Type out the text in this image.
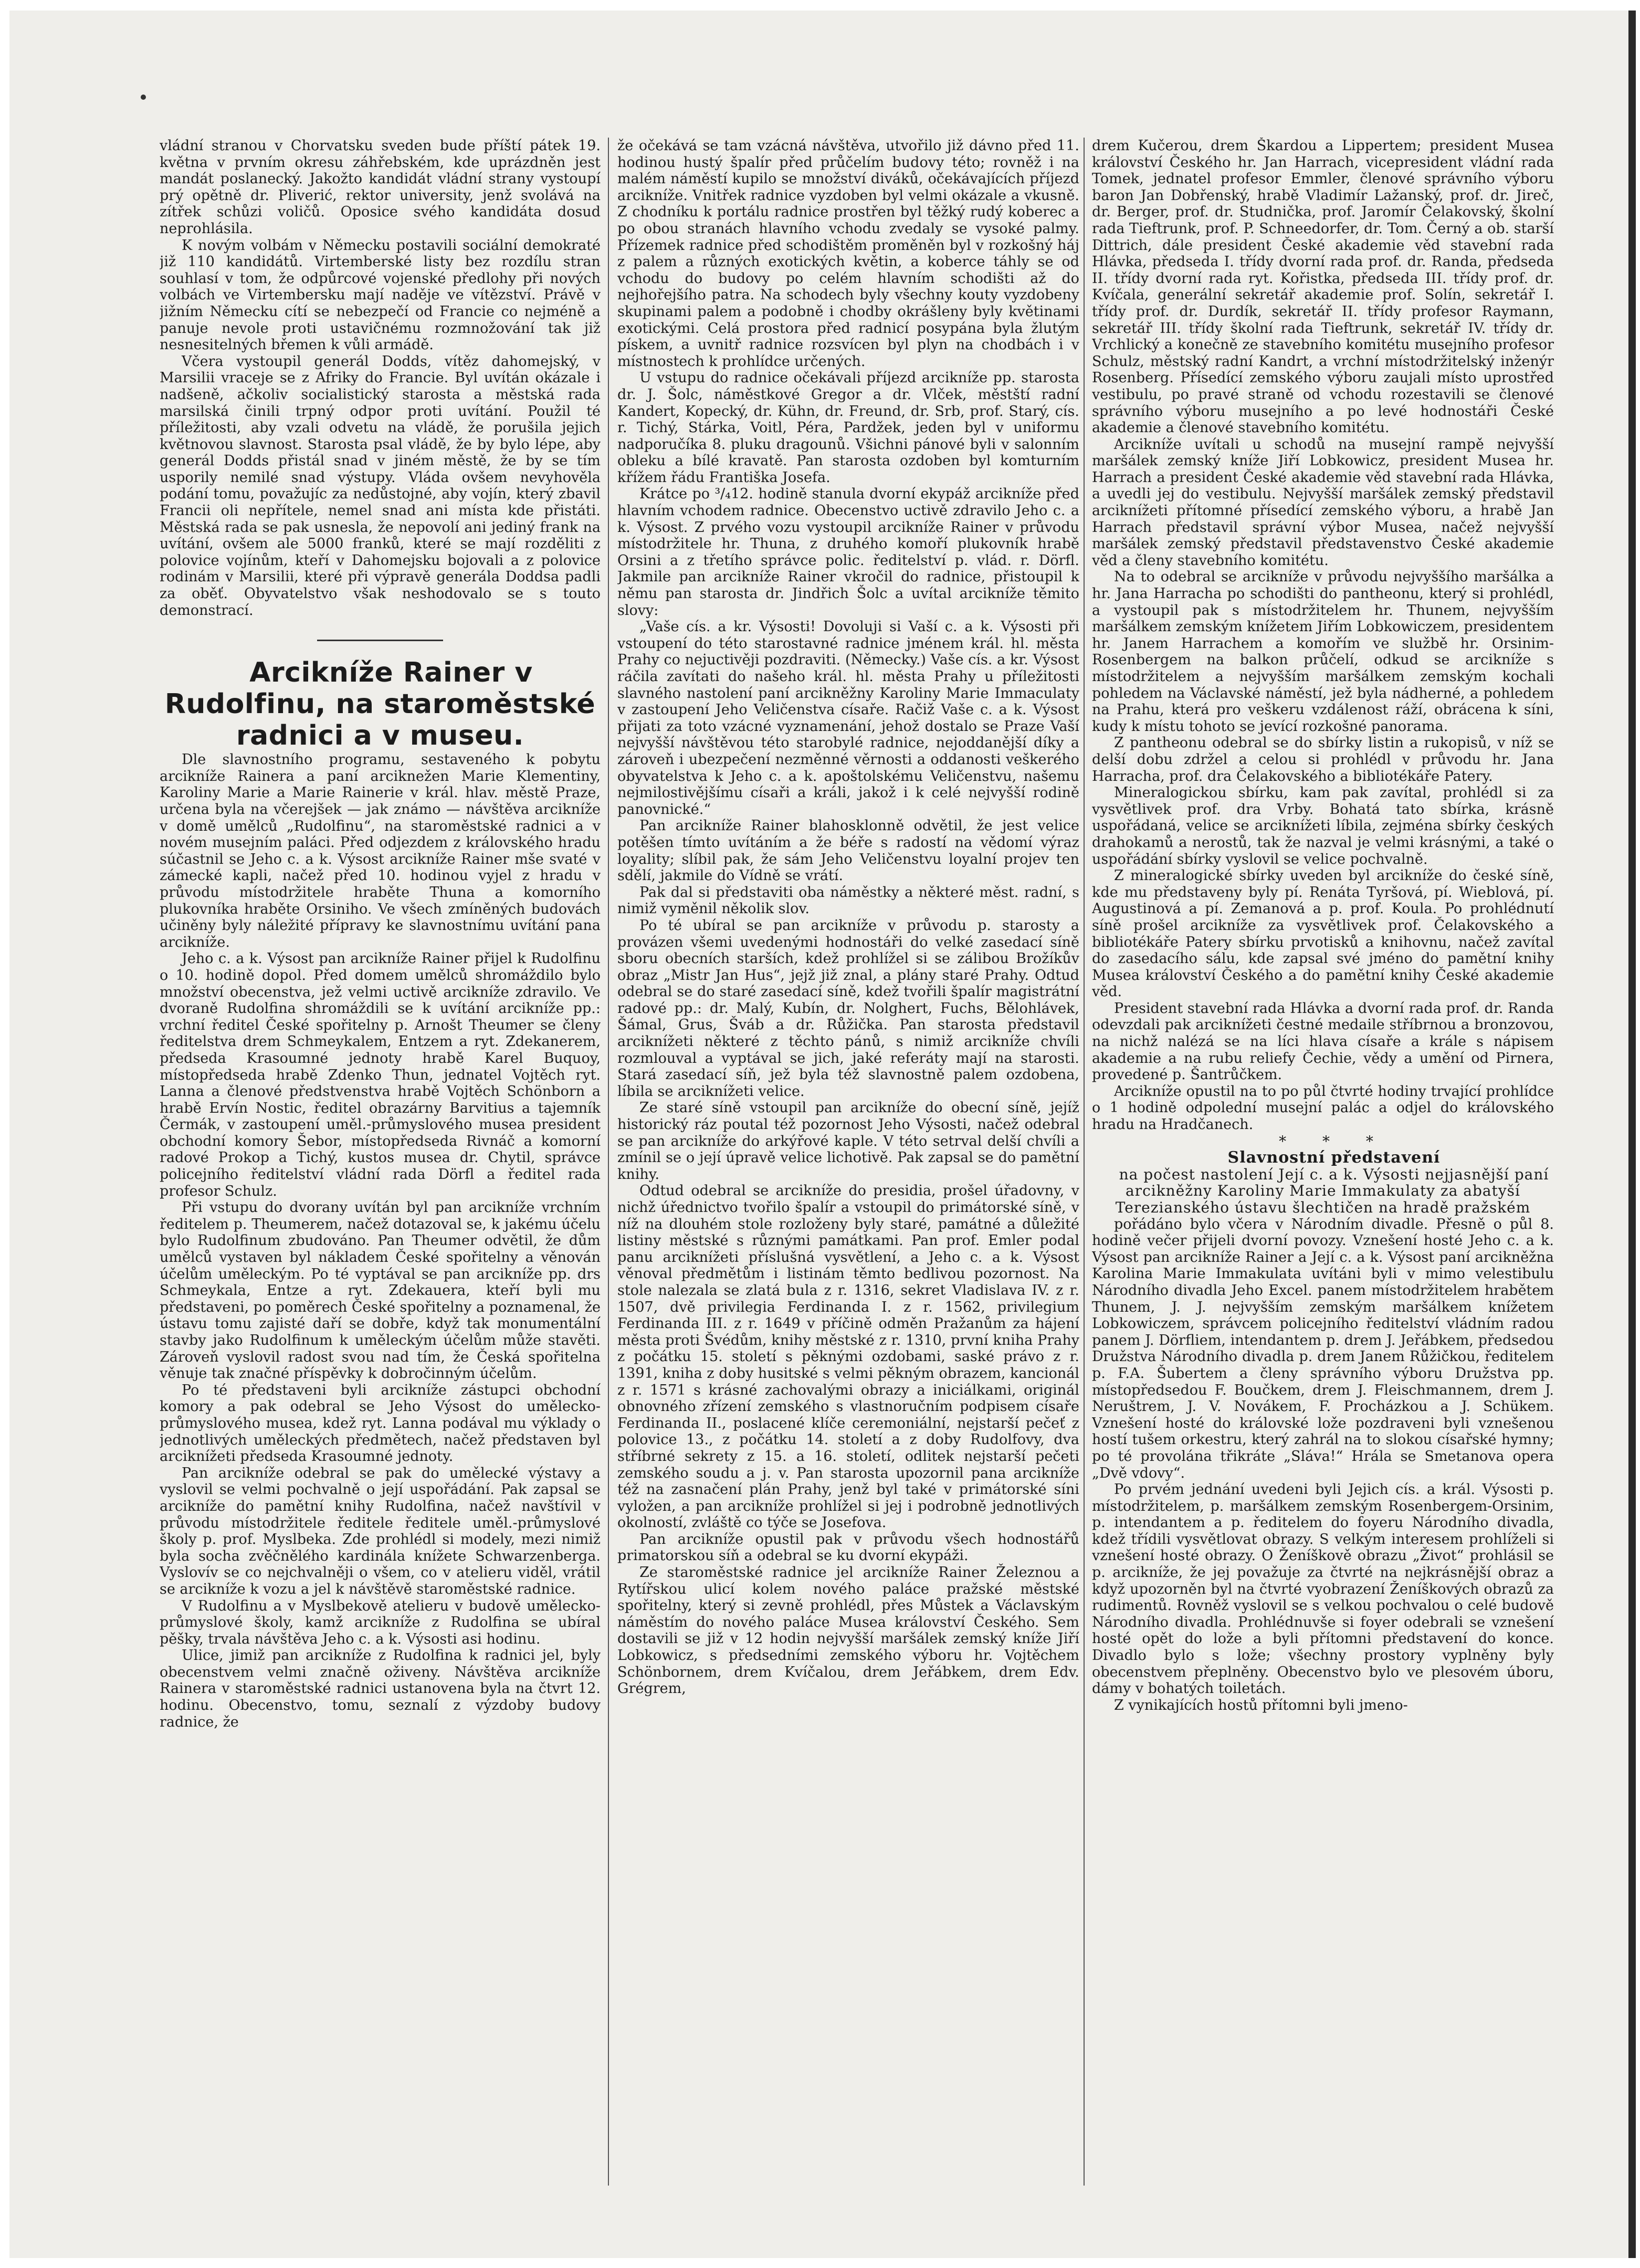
vládní stranou v Chorvatsku sveden bude příští pátek 19. května v prvním okresu záhřebském, kde uprázdněn jest mandát poslanecký. Jakožto kandidát vládní strany vystoupí prý opětně dr. Pliverić, rektor university, jenž svolává na zítřek schůzi voličů. Oposice svého kandidáta dosud neprohlásila.

K novým volbám v Německu postavili sociální demokraté již 110 kandidátů. Virtemberské listy bez rozdílu stran souhlasí v tom, že odpůrcové vojenské předlohy při nových volbách ve Virtembersku mají naděje ve vítězství. Právě v jižním Německu cítí se nebezpečí od Francie co nejméně a panuje nevole proti ustavičnému rozmnožování tak již nesnesitelných břemen k vůli armádě.

Včera vystoupil generál Dodds, vítěz dahomejský, v Marsilii vraceje se z Afriky do Francie. Byl uvítán okázale i nadšeně, ačkoliv socialistický starosta a městská rada marsilská činili trpný odpor proti uvítání. Použil té příležitosti, aby vzali odvetu na vládě, že porušila jejich květnovou slavnost. Starosta psal vládě, že by bylo lépe, aby generál Dodds přistál snad v jiném městě, že by se tím usporily nemilé snad výstupy. Vláda ovšem nevyhověla podání tomu, považujíc za nedůstojné, aby vojín, který zbavil Francii oli nepřítele, nemel snad ani místa kde přistáti. Městská rada se pak usnesla, že nepovolí ani jediný frank na uvítání, ovšem ale 5000 franků, které se mají rozděliti z polovice vojínům, kteří v Dahomejsku bojovali a z polovice rodinám v Marsilii, které při výpravě generála Doddsa padli za oběť. Obyvatelstvo však neshodovalo se s touto demonstrací.

Arcikníže Rainer v Rudolfinu, na staroměstské radnici a v museu.

Dle slavnostního programu, sestaveného k pobytu arcikníže Rainera a paní arciknežen Marie Klementiny, Karoliny Marie a Marie Rainerie v král. hlav. městě Praze, určena byla na včerejšek — jak známo — návštěva arcikníže v domě umělců „Rudolfinu“, na staroměstské radnici a v novém musejním paláci. Před odjezdem z královského hradu súčastnil se Jeho c. a k. Výsost arcikníže Rainer mše svaté v zámecké kapli, načež před 10. hodinou vyjel z hradu v průvodu místodržitele hraběte Thuna a komorního plukovníka hraběte Orsiniho. Ve všech zmíněných budovách učiněny byly náležité přípravy ke slavnostnímu uvítání pana arcikníže.

Jeho c. a k. Výsost pan arcikníže Rainer přijel k Rudolfinu o 10. hodině dopol. Před domem umělců shromáždilo bylo množství obecenstva, jež velmi uctivě arcikníže zdravilo. Ve dvoraně Rudolfina shromáždili se k uvítání arcikníže pp.: vrchní ředitel České spořitelny p. Arnošt Theumer se členy ředitelstva drem Schmeykalem, Entzem a ryt. Zdekanerem, předseda Krasoumné jednoty hrabě Karel Buquoy, místopředseda hrabě Zdenko Thun, jednatel Vojtěch ryt. Lanna a členové předstvenstva hrabě Vojtěch Schönborn a hrabě Ervín Nostic, ředitel obrazárny Barvitius a tajemník Čermák, v zastoupení uměl.-průmyslového musea president obchodní komory Šebor, místopředseda Rivnáč a komorní radové Prokop a Tichý, kustos musea dr. Chytil, správce policejního ředitelství vládní rada Dörfl a ředitel rada profesor Schulz.

Při vstupu do dvorany uvítán byl pan arcikníže vrchním ředitelem p. Theumerem, načež dotazoval se, k jakému účelu bylo Rudolfinum zbudováno. Pan Theumer odvětil, že dům umělců vystaven byl nákladem České spořitelny a věnován účelům uměleckým. Po té vyptával se pan arcikníže pp. drs Schmeykala, Entze a ryt. Zdekauera, kteří byli mu představeni, po poměrech České spořitelny a poznamenal, že ústavu tomu zajisté daří se dobře, když tak monumentální stavby jako Rudolfinum k uměleckým účelům může stavěti. Zároveň vyslovil radost svou nad tím, že Česká spořitelna věnuje tak značné příspěvky k dobročinným účelům.

Po té představeni byli arcikníže zástupci obchodní komory a pak odebral se Jeho Výsost do umělecko-průmyslového musea, kdež ryt. Lanna podával mu výklady o jednotlivých uměleckých předmětech, načež představen byl arciknížeti předseda Krasoumné jednoty.

Pan arcikníže odebral se pak do umělecké výstavy a vyslovil se velmi pochvalně o její uspořádání. Pak zapsal se arcikníže do pamětní knihy Rudolfina, načež navštívil v průvodu místodržitele ředitele ředitele uměl.-průmyslové školy p. prof. Myslbeka. Zde prohlédl si modely, mezi nimiž byla socha zvěčnělého kardinála knížete Schwarzenberga. Vyslovív se co nejchvalněji o všem, co v atelieru viděl, vrátil se arcikníže k vozu a jel k návštěvě staroměstské radnice.

V Rudolfinu a v Myslbekově atelieru v budově umělecko-průmyslové školy, kamž arcikníže z Rudolfina se ubíral pěšky, trvala návštěva Jeho c. a k. Výsosti asi hodinu.

Ulice, jimiž pan arcikníže z Rudolfina k radnici jel, byly obecenstvem velmi značně oživeny. Návštěva arcikníže Rainera v staroměstské radnici ustanovena byla na čtvrt 12. hodinu. Obecenstvo, tomu, seznalí z výzdoby budovy radnice, že

že očekává se tam vzácná návštěva, utvořilo již dávno před 11. hodinou hustý špalír před průčelím budovy této; rovněž i na malém náměstí kupilo se množství diváků, očekávajících příjezd arcikníže. Vnitřek radnice vyzdoben byl velmi okázale a vkusně. Z chodníku k portálu radnice prostřen byl těžký rudý koberec a po obou stranách hlavního vchodu zvedaly se vysoké palmy. Přízemek radnice před schodištěm proměněn byl v rozkošný háj z palem a různých exotických květin, a koberce táhly se od vchodu do budovy po celém hlavním schodišti až do nejhořejšího patra. Na schodech byly všechny kouty vyzdobeny skupinami palem a podobně i chodby okrášleny byly květinami exotickými. Celá prostora před radnicí posypána byla žlutým pískem, a uvnitř radnice rozsvícen byl plyn na chodbách i v místnostech k prohlídce určených.

U vstupu do radnice očekávali příjezd arcikníže pp. starosta dr. J. Šolc, náměstkové Gregor a dr. Vlček, městští radní Kandert, Kopecký, dr. Kühn, dr. Freund, dr. Srb, prof. Starý, cís. r. Tichý, Stárka, Voitl, Péra, Pardžek, jeden byl v uniformu nadporučíka 8. pluku dragounů. Všichni pánové byli v salonním obleku a bílé kravatě. Pan starosta ozdoben byl komturním křížem řádu Františka Josefa.

Krátce po ³/₄12. hodině stanula dvorní ekypáž arcikníže před hlavním vchodem radnice. Obecenstvo uctivě zdravilo Jeho c. a k. Výsost. Z prvého vozu vystoupil arcikníže Rainer v průvodu místodržitele hr. Thuna, z druhého komoří plukovník hrabě Orsini a z třetího správce polic. ředitelství p. vlád. r. Dörfl. Jakmile pan arcikníže Rainer vkročil do radnice, přistoupil k němu pan starosta dr. Jindřich Šolc a uvítal arcikníže těmito slovy:

„Vaše cís. a kr. Výsosti! Dovoluji si Vaší c. a k. Výsosti při vstoupení do této starostavné radnice jménem král. hl. města Prahy co nejuctivěji pozdraviti. (Německy.) Vaše cís. a kr. Výsost ráčila zavítati do našeho král. hl. města Prahy u příležitosti slavného nastolení paní arcikněžny Karoliny Marie Immaculaty v zastoupení Jeho Veličenstva císaře. Račiž Vaše c. a k. Výsost přijati za toto vzácné vyznamenání, jehož dostalo se Praze Vaší nejvyšší návštěvou této starobylé radnice, nejoddanější díky a zároveň i ubezpečení nezměnné věrnosti a oddanosti veškerého obyvatelstva k Jeho c. a k. apoštolskému Veličenstvu, našemu nejmilostivějšímu císaři a králi, jakož i k celé nejvyšší rodině panovnické.“

Pan arcikníže Rainer blahosklonně odvětil, že jest velice potěšen tímto uvítáním a že béře s radostí na vědomí výraz loyality; slíbil pak, že sám Jeho Veličenstvu loyalní projev ten sdělí, jakmile do Vídně se vrátí.

Pak dal si představiti oba náměstky a některé měst. radní, s nimiž vyměnil několik slov.

Po té ubíral se pan arcikníže v průvodu p. starosty a provázen všemi uvedenými hodnostáři do velké zasedací síně sboru obecních starších, kdež prohlížel si se zálibou Brožíkův obraz „Mistr Jan Hus“, jejž již znal, a plány staré Prahy. Odtud odebral se do staré zasedací síně, kdež tvořili špalír magistrátní radové pp.: dr. Malý, Kubín, dr. Nolghert, Fuchs, Bělohlávek, Šámal, Grus, Šváb a dr. Růžička. Pan starosta představil arciknížeti některé z těchto pánů, s nimiž arcikníže chvíli rozmlouval a vyptával se jich, jaké referáty mají na starosti. Stará zasedací síň, jež byla též slavnostně palem ozdobena, líbila se arciknížeti velice.

Ze staré síně vstoupil pan arcikníže do obecní síně, jejíž historický ráz poutal též pozornost Jeho Výsosti, načež odebral se pan arcikníže do arkýřové kaple. V této setrval delší chvíli a zmínil se o její úpravě velice lichotivě. Pak zapsal se do pamětní knihy.

Odtud odebral se arcikníže do presidia, prošel úřadovny, v nichž úřednictvo tvořilo špalír a vstoupil do primátorské síně, v níž na dlouhém stole rozloženy byly staré, památné a důležité listiny městské s různými památkami. Pan prof. Emler podal panu arciknížeti příslušná vysvětlení, a Jeho c. a k. Výsost věnoval předmětům i listinám těmto bedlivou pozornost. Na stole nalezala se zlatá bula z r. 1316, sekret Vladislava IV. z r. 1507, dvě privilegia Ferdinanda I. z r. 1562, privilegium Ferdinanda III. z r. 1649 v příčině odměn Pražanům za hájení města proti Švédům, knihy městské z r. 1310, první kniha Prahy z počátku 15. století s pěknými ozdobami, saské právo z r. 1391, kniha z doby husitské s velmi pěkným obrazem, kancionál z r. 1571 s krásné zachovalými obrazy a iniciálkami, originál obnovného zřízení zemského s vlastnoručním podpisem císaře Ferdinanda II., poslacené klíče ceremoniální, nejstarší pečeť z polovice 13., z počátku 14. století a z doby Rudolfovy, dva stříbrné sekrety z 15. a 16. století, odlitek nejstarší pečeti zemského soudu a j. v. Pan starosta upozornil pana arcikníže též na zasnačení plán Prahy, jenž byl také v primátorské síni vyložen, a pan arcikníže prohlížel si jej i podrobně jednotlivých okolností, zvláště co týče se Josefova.

Pan arcikníže opustil pak v průvodu všech hodnostářů primatorskou síň a odebral se ku dvorní ekypáži.

Ze staroměstské radnice jel arcikníže Rainer Železnou a Rytířskou ulicí kolem nového paláce pražské městské spořitelny, který si zevně prohlédl, přes Můstek a Václavským náměstím do nového paláce Musea království Českého. Sem dostavili se již v 12 hodin nejvyšší maršálek zemský kníže Jiří Lobkowicz, s předsedními zemského výboru hr. Vojtěchem Schönbornem, drem Kvíčalou, drem Jeřábkem, drem Edv. Grégrem,

drem Kučerou, drem Škardou a Lippertem; president Musea království Českého hr. Jan Harrach, vicepresident vládní rada Tomek, jednatel profesor Emmler, členové správního výboru baron Jan Dobřenský, hrabě Vladimír Lažanský, prof. dr. Jireč, dr. Berger, prof. dr. Studnička, prof. Jaromír Čelakovský, školní rada Tieftrunk, prof. P. Schneedorfer, dr. Tom. Černý a ob. starší Dittrich, dále president České akademie věd stavební rada Hlávka, předseda I. třídy dvorní rada prof. dr. Randa, předseda II. třídy dvorní rada ryt. Kořistka, předseda III. třídy prof. dr. Kvíčala, generální sekretář akademie prof. Solín, sekretář I. třídy prof. dr. Durdík, sekretář II. třídy profesor Raymann, sekretář III. třídy školní rada Tieftrunk, sekretář IV. třídy dr. Vrchlický a konečně ze stavebního komitétu musejního profesor Schulz, městský radní Kandrt, a vrchní místodržitelský inženýr Rosenberg. Přísedící zemského výboru zaujali místo uprostřed vestibulu, po pravé straně od vchodu rozestavili se členové správního výboru musejního a po levé hodnostáři České akademie a členové stavebního komitétu.

Arcikníže uvítali u schodů na musejní rampě nejvyšší maršálek zemský kníže Jiří Lobkowicz, president Musea hr. Harrach a president České akademie věd stavební rada Hlávka, a uvedli jej do vestibulu. Nejvyšší maršálek zemský představil arciknížeti přítomné přísedící zemského výboru, a hrabě Jan Harrach představil správní výbor Musea, načež nejvyšší maršálek zemský představil představenstvo České akademie věd a členy stavebního komitétu.

Na to odebral se arcikníže v průvodu nejvyššího maršálka a hr. Jana Harracha po schodišti do pantheonu, který si prohlédl, a vystoupil pak s místodržitelem hr. Thunem, nejvyšším maršálkem zemským knížetem Jiřím Lobkowiczem, presidentem hr. Janem Harrachem a komořím ve službě hr. Orsinim-Rosenbergem na balkon průčelí, odkud se arcikníže s místodržitelem a nejvyšším maršálkem zemským kochali pohledem na Václavské náměstí, jež byla nádherné, a pohledem na Prahu, která pro veškeru vzdálenost ráží, obrácena k síni, kudy k místu tohoto se jevící rozkošné panorama.

Z pantheonu odebral se do sbírky listin a rukopisů, v níž se delší dobu zdržel a celou si prohlédl v průvodu hr. Jana Harracha, prof. dra Čelakovského a bibliotékáře Patery.

Mineralogickou sbírku, kam pak zavítal, prohlédl si za vysvětlivek prof. dra Vrby. Bohatá tato sbírka, krásně uspořádaná, velice se arciknížeti líbila, zejména sbírky českých drahokamů a nerostů, tak že nazval je velmi krásnými, a také o uspořádání sbírky vyslovil se velice pochvalně.

Z mineralogické sbírky uveden byl arcikníže do české síně, kde mu představeny byly pí. Renáta Tyršová, pí. Wieblová, pí. Augustinová a pí. Zemanová a p. prof. Koula. Po prohlédnutí síně prošel arcikníže za vysvětlivek prof. Čelakovského a bibliotékáře Patery sbírku prvotisků a knihovnu, načež zavítal do zasedacího sálu, kde zapsal své jméno do pamětní knihy Musea království Českého a do pamětní knihy České akademie věd.

President stavební rada Hlávka a dvorní rada prof. dr. Randa odevzdali pak arciknížeti čestné medaile stříbrnou a bronzovou, na nichž nalézá se na líci hlava císaře a krále s nápisem akademie a na rubu reliefy Čechie, vědy a umění od Pirnera, provedené p. Šantrůčkem.

Arcikníže opustil na to po půl čtvrté hodiny trvající prohlídce o 1 hodině odpolední musejní palác a odjel do královského hradu na Hradčanech.

* * *

Slavnostní představení

na počest nastolení Její c. a k. Výsosti nejjasnější paní arcikněžny Karoliny Marie Immakulaty za abatyší Terezianského ústavu šlechtičen na hradě pražském

pořádáno bylo včera v Národním divadle. Přesně o půl 8. hodině večer přijeli dvorní povozy. Vznešení hosté Jeho c. a k. Výsost pan arcikníže Rainer a Její c. a k. Výsost paní arcikněžna Karolina Marie Immakulata uvítáni byli v mimo velestibulu Národního divadla Jeho Excel. panem místodržitelem hrabětem Thunem, J. J. nejvyšším zemským maršálkem knížetem Lobkowiczem, správcem policejního ředitelství vládním radou panem J. Dörfliem, intendantem p. drem J. Jeřábkem, předsedou Družstva Národního divadla p. drem Janem Růžičkou, ředitelem p. F.A. Šubertem a členy správního výboru Družstva pp. místopředsedou F. Boučkem, drem J. Fleischmannem, drem J. Neruštrem, J. V. Novákem, F. Procházkou a J. Schükem. Vznešení hosté do královské lože pozdraveni byli vznešenou hostí tušem orkestru, který zahrál na to slokou císařské hymny; po té provolána třikráte „Sláva!“ Hrála se Smetanova opera „Dvě vdovy“.

Po prvém jednání uvedeni byli Jejich cís. a král. Výsosti p. místodržitelem, p. maršálkem zemským Rosenbergem-Orsinim, p. intendantem a p. ředitelem do foyeru Národního divadla, kdež třídili vysvětlovat obrazy. S velkým interesem prohlíželi si vznešení hosté obrazy. O Ženíškově obrazu „Život“ prohlásil se p. arcikníže, že jej považuje za čtvrté na nejkrásnější obraz a když upozorněn byl na čtvrté vyobrazení Ženíškových obrazů za rudimentů. Rovněž vyslovil se s velkou pochvalou o celé budově Národního divadla. Prohlédnuvše si foyer odebrali se vznešení hosté opět do lože a byli přítomni představení do konce. Divadlo bylo s lože; všechny prostory vyplněny byly obecenstvem přeplněny. Obecenstvo bylo ve plesovém úboru, dámy v bohatých toiletách.

Z vynikajících hostů přítomni byli jmeno-
